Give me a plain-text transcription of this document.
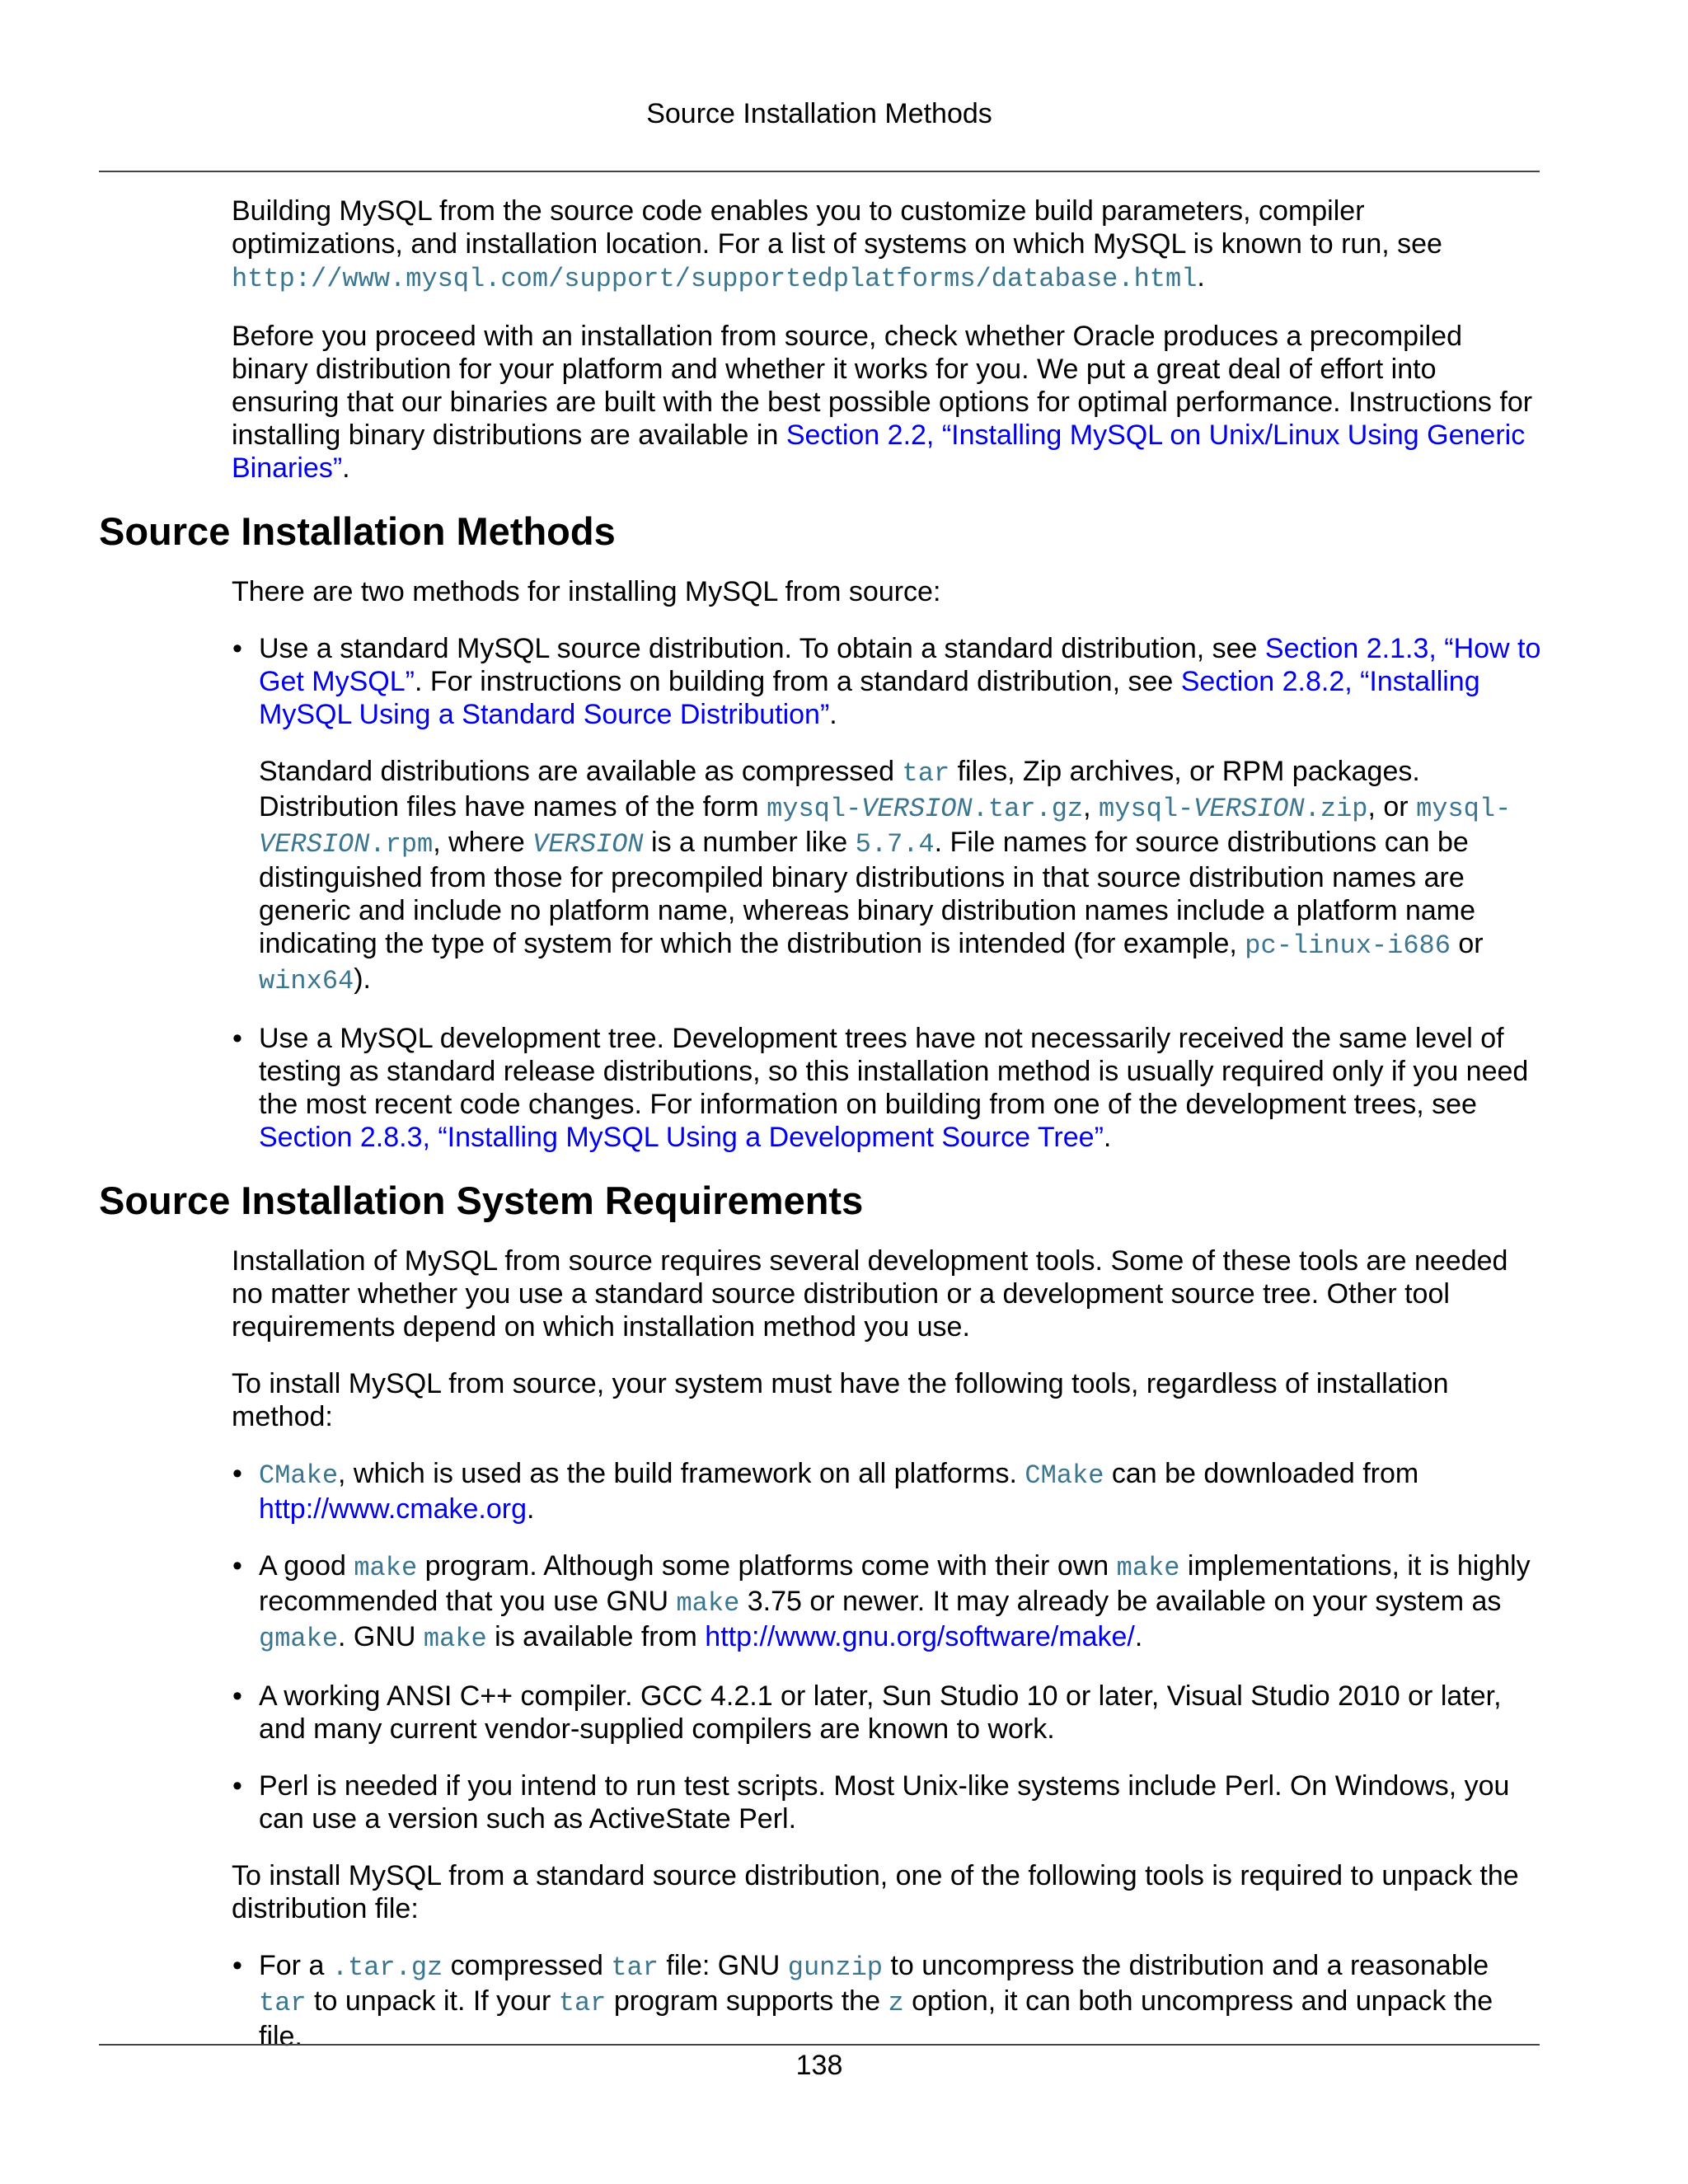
Source Installation Methods

Building MySQL from the source code enables you to customize build parameters, compiler optimizations, and installation location. For a list of systems on which MySQL is known to run, see http://www.mysql.com/support/supportedplatforms/database.html.

Before you proceed with an installation from source, check whether Oracle produces a precompiled binary distribution for your platform and whether it works for you. We put a great deal of effort into ensuring that our binaries are built with the best possible options for optimal performance. Instructions for installing binary distributions are available in Section 2.2, “Installing MySQL on Unix/Linux Using Generic Binaries”.

Source Installation Methods

There are two methods for installing MySQL from source:

• Use a standard MySQL source distribution. To obtain a standard distribution, see Section 2.1.3, “How to Get MySQL”. For instructions on building from a standard distribution, see Section 2.8.2, “Installing MySQL Using a Standard Source Distribution”.

Standard distributions are available as compressed tar files, Zip archives, or RPM packages. Distribution files have names of the form mysql-VERSION.tar.gz, mysql-VERSION.zip, or mysql-VERSION.rpm, where VERSION is a number like 5.7.4. File names for source distributions can be distinguished from those for precompiled binary distributions in that source distribution names are generic and include no platform name, whereas binary distribution names include a platform name indicating the type of system for which the distribution is intended (for example, pc-linux-i686 or winx64).

• Use a MySQL development tree. Development trees have not necessarily received the same level of testing as standard release distributions, so this installation method is usually required only if you need the most recent code changes. For information on building from one of the development trees, see Section 2.8.3, “Installing MySQL Using a Development Source Tree”.

Source Installation System Requirements

Installation of MySQL from source requires several development tools. Some of these tools are needed no matter whether you use a standard source distribution or a development source tree. Other tool requirements depend on which installation method you use.

To install MySQL from source, your system must have the following tools, regardless of installation method:

• CMake, which is used as the build framework on all platforms. CMake can be downloaded from http://www.cmake.org.

• A good make program. Although some platforms come with their own make implementations, it is highly recommended that you use GNU make 3.75 or newer. It may already be available on your system as gmake. GNU make is available from http://www.gnu.org/software/make/.

• A working ANSI C++ compiler. GCC 4.2.1 or later, Sun Studio 10 or later, Visual Studio 2010 or later, and many current vendor-supplied compilers are known to work.

• Perl is needed if you intend to run test scripts. Most Unix-like systems include Perl. On Windows, you can use a version such as ActiveState Perl.

To install MySQL from a standard source distribution, one of the following tools is required to unpack the distribution file:

• For a .tar.gz compressed tar file: GNU gunzip to uncompress the distribution and a reasonable tar to unpack it. If your tar program supports the z option, it can both uncompress and unpack the file.

138
